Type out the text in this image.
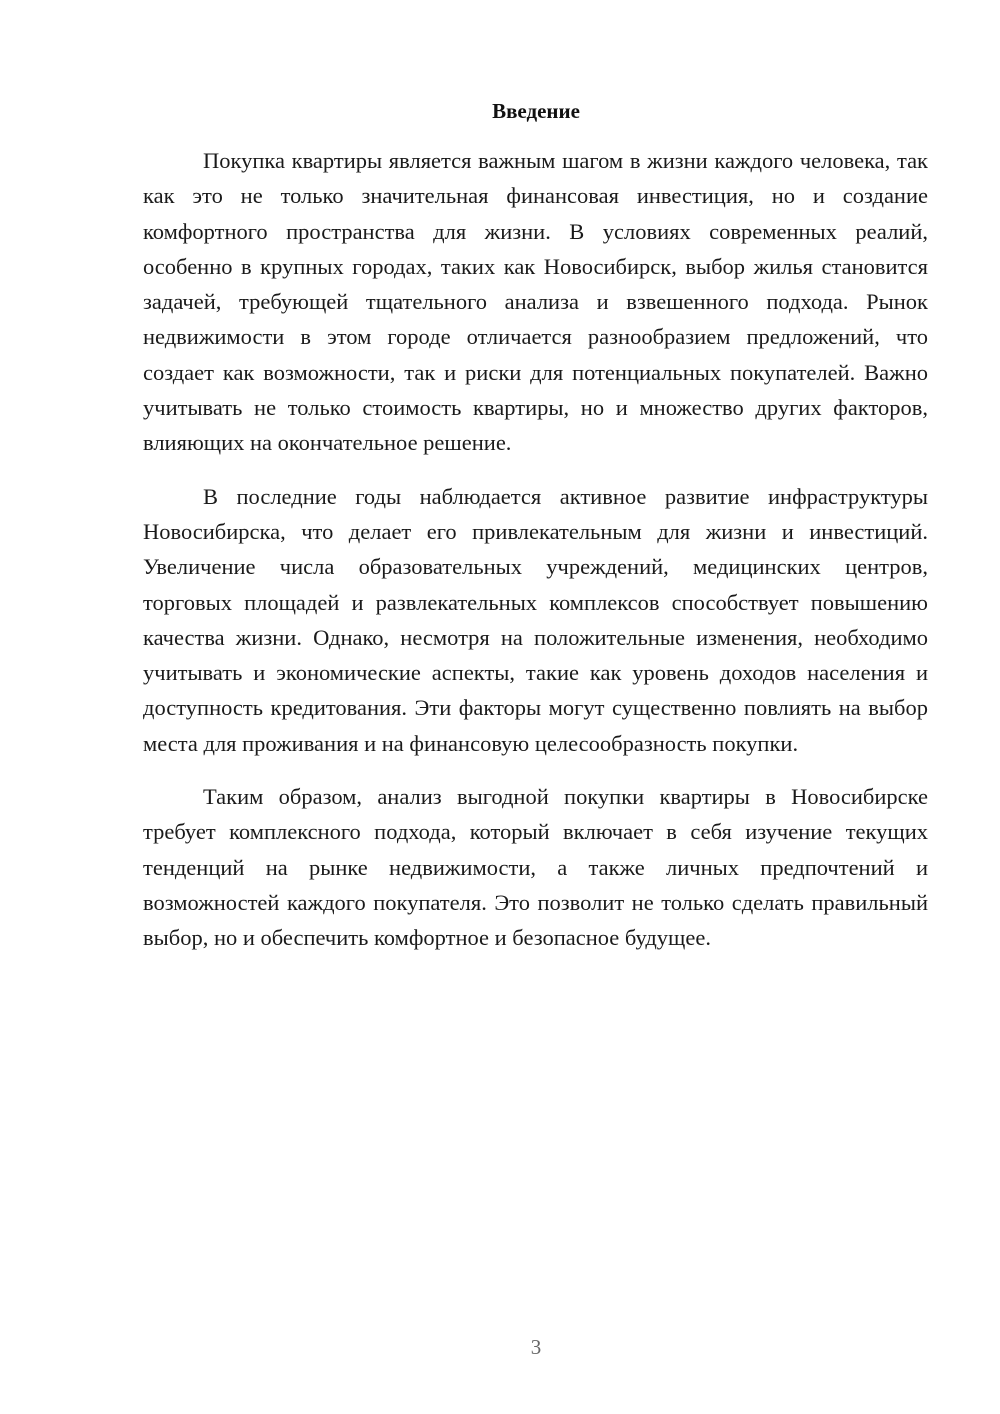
Введение

Покупка квартиры является важным шагом в жизни каждого человека, так как это не только значительная финансовая инвестиция, но и создание комфортного пространства для жизни. В условиях современных реалий, особенно в крупных городах, таких как Новосибирск, выбор жилья становится задачей, требующей тщательного анализа и взвешенного подхода. Рынок недвижимости в этом городе отличается разнообразием предложений, что создает как возможности, так и риски для потенциальных покупателей. Важно учитывать не только стоимость квартиры, но и множество других факторов, влияющих на окончательное решение.

В последние годы наблюдается активное развитие инфраструктуры Новосибирска, что делает его привлекательным для жизни и инвестиций. Увеличение числа образовательных учреждений, медицинских центров, торговых площадей и развлекательных комплексов способствует повышению качества жизни. Однако, несмотря на положительные изменения, необходимо учитывать и экономические аспекты, такие как уровень доходов населения и доступность кредитования. Эти факторы могут существенно повлиять на выбор места для проживания и на финансовую целесообразность покупки.

Таким образом, анализ выгодной покупки квартиры в Новосибирске требует комплексного подхода, который включает в себя изучение текущих тенденций на рынке недвижимости, а также личных предпочтений и возможностей каждого покупателя. Это позволит не только сделать правильный выбор, но и обеспечить комфортное и безопасное будущее.

3
